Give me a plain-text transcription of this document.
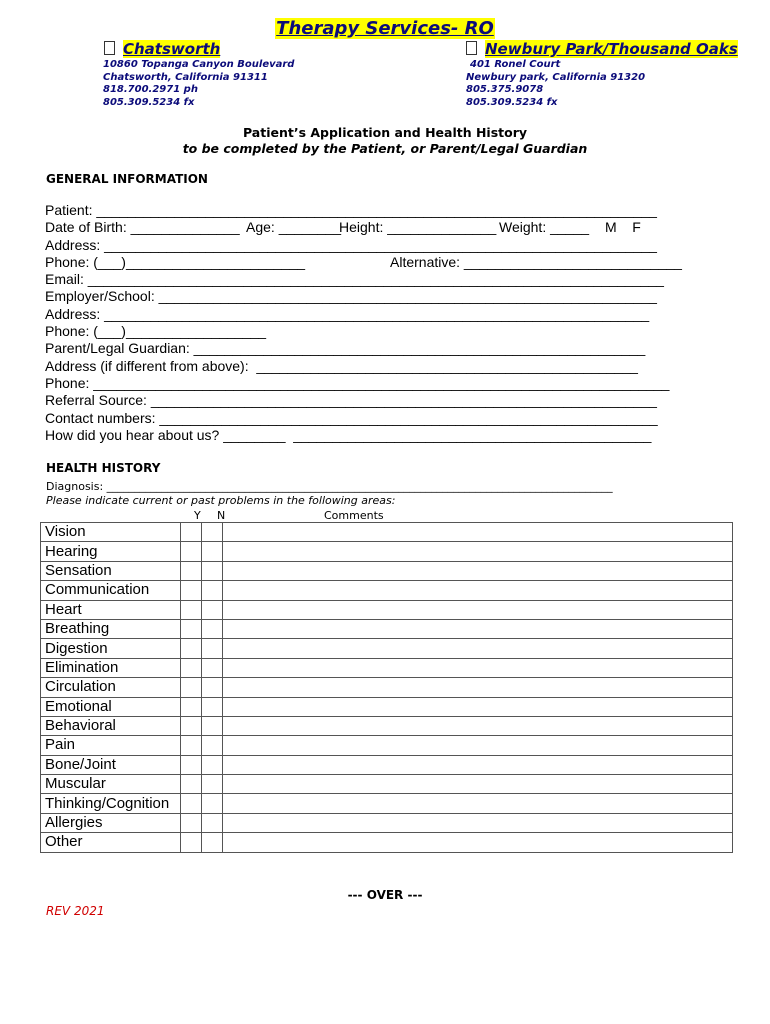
Therapy Services- RO
Chatsworth	Newbury Park/Thousand Oaks
10860 Topanga Canyon Boulevard
Chatsworth, California 91311
818.700.2971 ph
805.309.5234 fx
401 Ronel Court
Newbury park, California 91320
805.375.9078
805.309.5234 fx
Patient’s Application and Health History
to be completed by the Patient, or Parent/Legal Guardian
GENERAL INFORMATION
Patient: ________________________________________________________________________

Date of Birth: ______________

Age: ________

Height: ______________

Weight: _____

M    F

Address: _______________________________________________________________________

Phone: (___)_______________________

	Alternative: ____________________________

Email: __________________________________________________________________________
Employer/School: ________________________________________________________________
Address: ______________________________________________________________________
Phone: (___)__________________
Parent/Legal Guardian: __________________________________________________________
Address (if different from above):  _________________________________________________
Phone: __________________________________________________________________________
Referral Source: _________________________________________________________________
Contact numbers: ________________________________________________________________
How did you hear about us? ________  ______________________________________________
HEALTH HISTORY
Diagnosis: ____________________________________________________________________________________________
Please indicate current or past problems in the following areas:
Y N	Comments
Vision			
Hearing			
Sensation			
Communication			
Heart			
Breathing			
Digestion			
Elimination			
Circulation			
Emotional			
Behavioral			
Pain			
Bone/Joint			
Muscular			
Thinking/Cognition			
Allergies			
Other			
--- OVER ---
REV 2021
